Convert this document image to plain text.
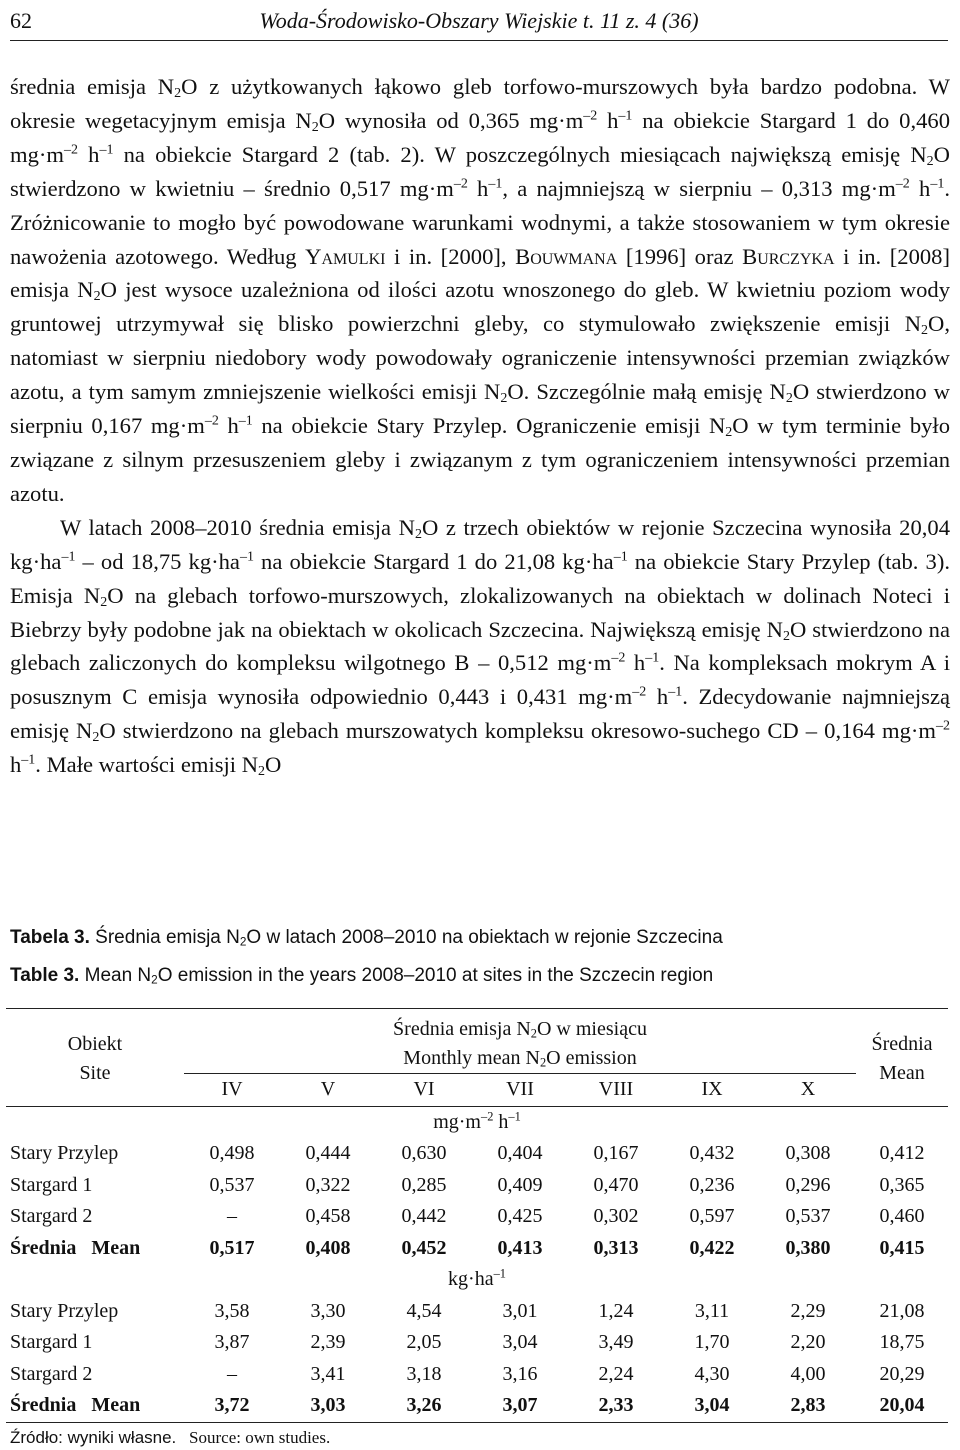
62	Woda-Środowisko-Obszary Wiejskie t. 11 z. 4 (36)

średnia emisja $N_2O$ z użytkowanych łąkowo gleb torfowo-murszowych była bardzo podobna. W okresie wegetacyjnym emisja $N_2O$ wynosiła od 0,365 $mg\cdot m^{-2}$ $h^{-1}$ na obiekcie Stargard 1 do 0,460 $mg\cdot m^{-2}$ $h^{-1}$ na obiekcie Stargard 2 (tab. 2). W poszczególnych miesiącach największą emisję $N_2O$ stwierdzono w kwietniu – średnio 0,517 $mg\cdot m^{-2}$ $h^{-1}$, a najmniejszą w sierpniu – 0,313 $mg\cdot m^{-2}$ $h^{-1}$. Zróżnicowanie to mogło być powodowane warunkami wodnymi, a także stosowaniem w tym okresie nawożenia azotowego. Według Yamulki i in. [2000], Bouwmana [1996] oraz Burczyka i in. [2008] emisja $N_2O$ jest wysoce uzależniona od ilości azotu wnoszonego do gleb. W kwietniu poziom wody gruntowej utrzymywał się blisko powierzchni gleby, co stymulowało zwiększenie emisji $N_2O$, natomiast w sierpniu niedobory wody powodowały ograniczenie intensywności przemian związków azotu, a tym samym zmniejszenie wielkości emisji $N_2O$. Szczególnie małą emisję $N_2O$ stwierdzono w sierpniu 0,167 $mg\cdot m^{-2}$ $h^{-1}$ na obiekcie Stary Przylep. Ograniczenie emisji $N_2O$ w tym terminie było związane z silnym przesuszeniem gleby i związanym z tym ograniczeniem intensywności przemian azotu.

W latach 2008–2010 średnia emisja $N_2O$ z trzech obiektów w rejonie Szczecina wynosiła 20,04 $kg\cdot ha^{-1}$ – od 18,75 $kg\cdot ha^{-1}$ na obiekcie Stargard 1 do 21,08 $kg\cdot ha^{-1}$ na obiekcie Stary Przylep (tab. 3). Emisja $N_2O$ na glebach torfowo-murszowych, zlokalizowanych na obiektach w dolinach Noteci i Biebrzy były podobne jak na obiektach w okolicach Szczecina. Największą emisję $N_2O$ stwierdzono na glebach zaliczonych do kompleksu wilgotnego B – 0,512 $mg\cdot m^{-2}$ $h^{-1}$. Na kompleksach mokrym A i posusznym C emisja wynosiła odpowiednio 0,443 i 0,431 $mg\cdot m^{-2}$ $h^{-1}$. Zdecydowanie najmniejszą emisję $N_2O$ stwierdzono na glebach murszowatych kompleksu okresowo-suchego CD – 0,164 $mg\cdot m^{-2}$ $h^{-1}$. Małe wartości emisji $N_2O$

Tabela 3. Średnia emisja $N_2O$ w latach 2008–2010 na obiektach w rejonie Szczecina
Table 3. Mean $N_2O$ emission in the years 2008–2010 at sites in the Szczecin region
Obiekt
Site	Średnia emisja $N_2O$ w miesiącu
Monthly mean $N_2O$ emission							Średnia
Mean
	IV	V	VI	VII	VIII	IX	X	
$mg\cdot m^{-2}$ $h^{-1}$
Stary Przylep	0,498	0,444	0,630	0,404	0,167	0,432	0,308	0,412
Stargard 1	0,537	0,322	0,285	0,409	0,470	0,236	0,296	0,365
Stargard 2	–	0,458	0,442	0,425	0,302	0,597	0,537	0,460
Średnia   Mean	0,517	0,408	0,452	0,413	0,313	0,422	0,380	0,415
$kg\cdot ha^{-1}$
Stary Przylep	3,58	3,30	4,54	3,01	1,24	3,11	2,29	21,08
Stargard 1	3,87	2,39	2,05	3,04	3,49	1,70	2,20	18,75
Stargard 2	–	3,41	3,18	3,16	2,24	4,30	4,00	20,29
Średnia   Mean	3,72	3,03	3,26	3,07	2,33	3,04	2,83	20,04
Źródło: wyniki własne. Source: own studies.
